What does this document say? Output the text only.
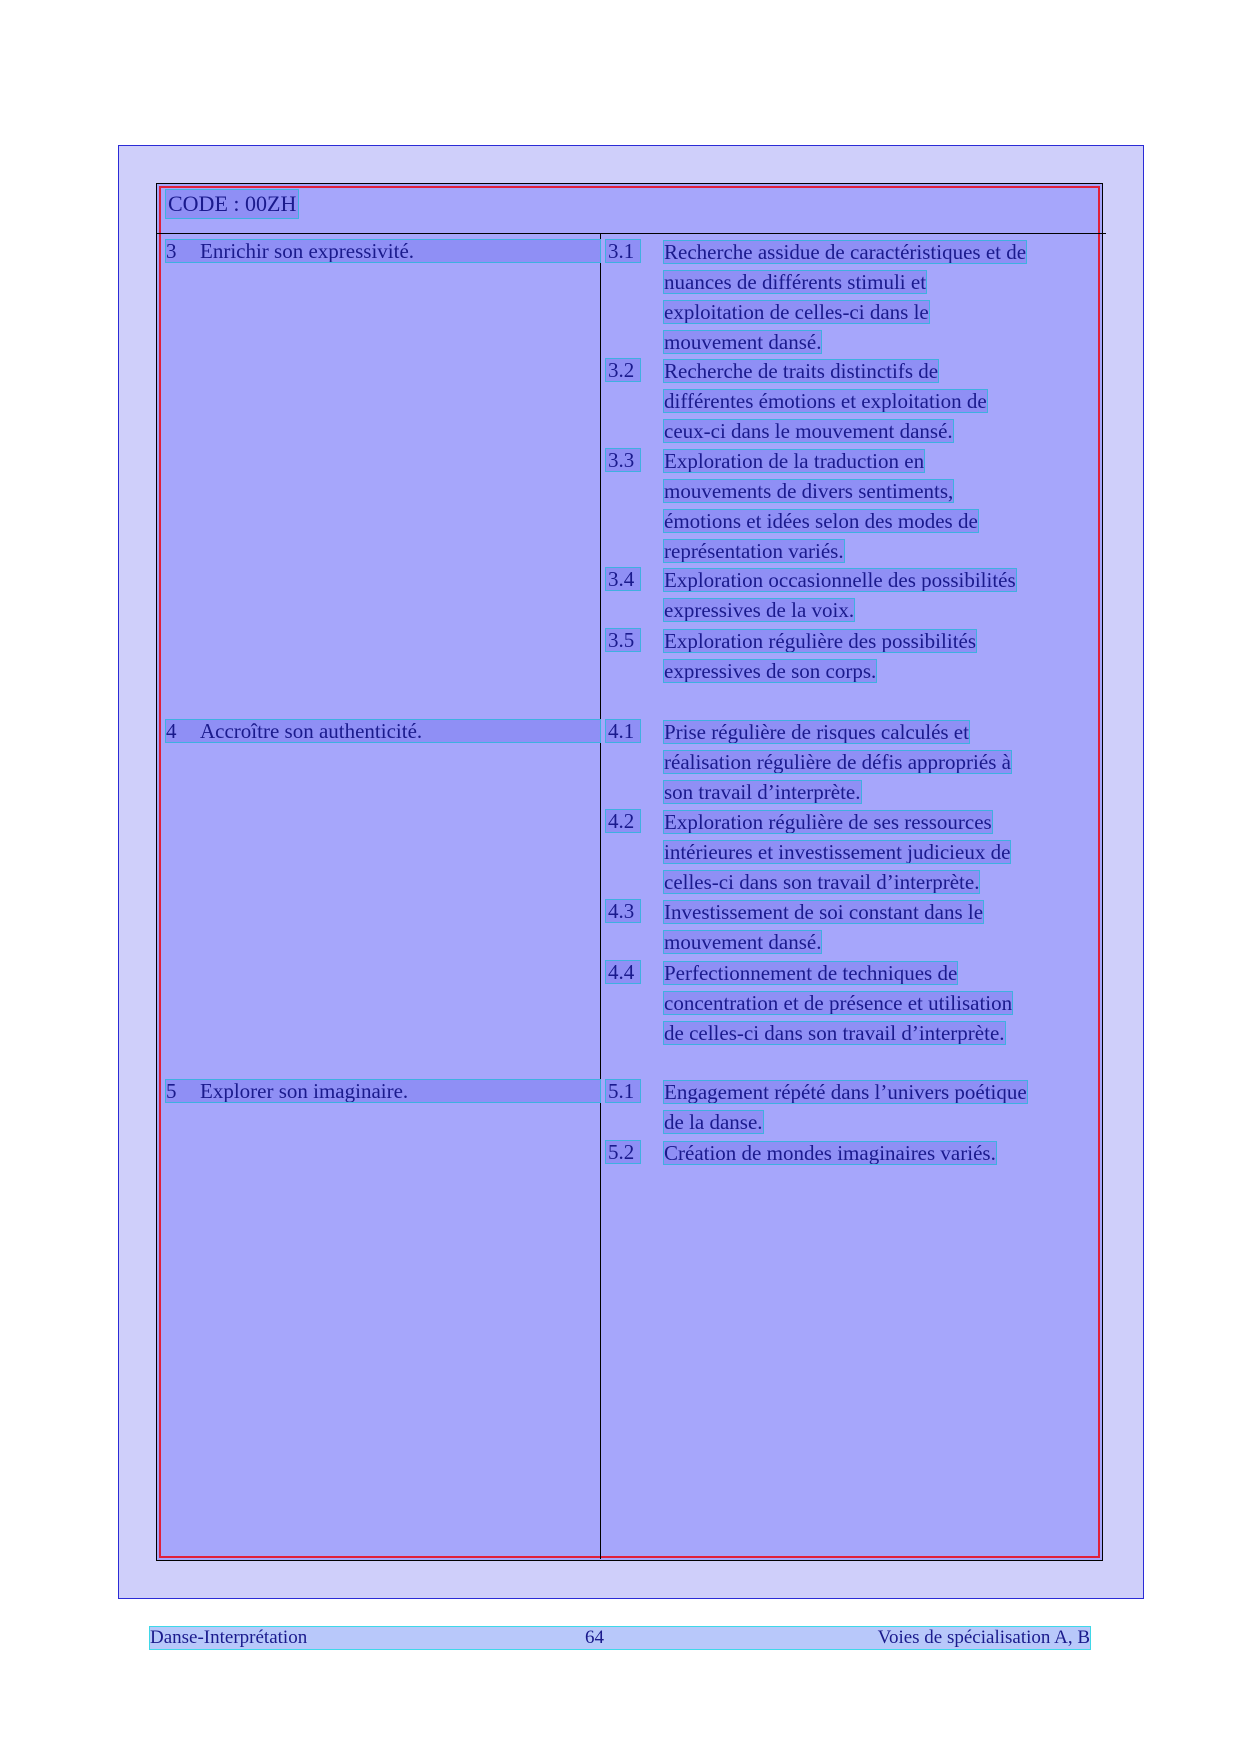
CODE : 00ZH
3 Enrichir son expressivité.	3.1 Recherche assidue de caractéristiques et de
nuances de différents stimuli et
exploitation de celles-ci dans le
mouvement dansé.
3.2 Recherche de traits distinctifs de
différentes émotions et exploitation de
ceux-ci dans le mouvement dansé.
3.3 Exploration de la traduction en
mouvements de divers sentiments,
émotions et idées selon des modes de
représentation variés.
3.4 Exploration occasionnelle des possibilités
expressives de la voix.
3.5 Exploration régulière des possibilités
expressives de son corps.
4 Accroître son authenticité.	4.1 Prise régulière de risques calculés et
réalisation régulière de défis appropriés à
son travail d’interprète.
4.2 Exploration régulière de ses ressources
intérieures et investissement judicieux de
celles-ci dans son travail d’interprète.
4.3 Investissement de soi constant dans le
mouvement dansé.
4.4 Perfectionnement de techniques de
concentration et de présence et utilisation
de celles-ci dans son travail d’interprète.
5 Explorer son imaginaire.	5.1 Engagement répété dans l’univers poétique
de la danse.
5.2 Création de mondes imaginaires variés.
Danse-Interprétation	64	Voies de spécialisation A, B
